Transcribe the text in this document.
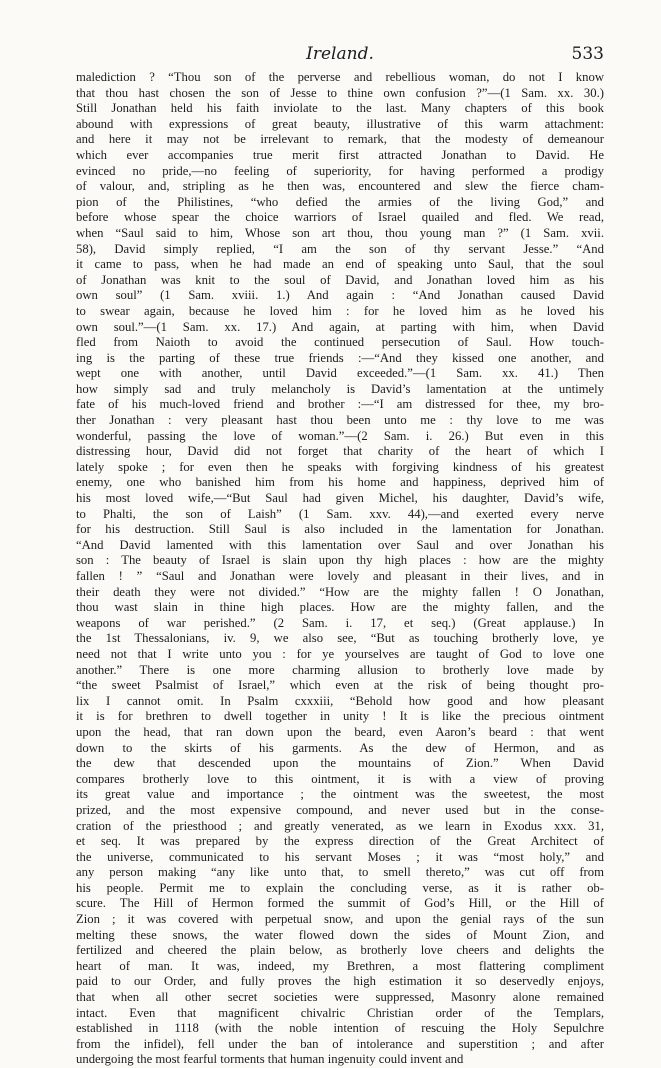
Ireland.	533
malediction ? “Thou son of the perverse and rebellious woman, do not I know
that thou hast chosen the son of Jesse to thine own confusion ?”—(1 Sam. xx. 30.)
Still Jonathan held his faith inviolate to the last. Many chapters of this book
abound with expressions of great beauty, illustrative of this warm attachment:
and here it may not be irrelevant to remark, that the modesty of demeanour
which ever accompanies true merit first attracted Jonathan to David. He
evinced no pride,—no feeling of superiority, for having performed a prodigy
of valour, and, stripling as he then was, encountered and slew the fierce cham-
pion of the Philistines, “who defied the armies of the living God,” and
before whose spear the choice warriors of Israel quailed and fled. We read,
when “Saul said to him, Whose son art thou, thou young man ?” (1 Sam. xvii.
58), David simply replied, “I am the son of thy servant Jesse.” “And
it came to pass, when he had made an end of speaking unto Saul, that the soul
of Jonathan was knit to the soul of David, and Jonathan loved him as his
own soul” (1 Sam. xviii. 1.) And again : “And Jonathan caused David
to swear again, because he loved him : for he loved him as he loved his
own soul.”—(1 Sam. xx. 17.) And again, at parting with him, when David
fled from Naioth to avoid the continued persecution of Saul. How touch-
ing is the parting of these true friends :—“And they kissed one another, and
wept one with another, until David exceeded.”—(1 Sam. xx. 41.) Then
how simply sad and truly melancholy is David’s lamentation at the untimely
fate of his much-loved friend and brother :—“I am distressed for thee, my bro-
ther Jonathan : very pleasant hast thou been unto me : thy love to me was
wonderful, passing the love of woman.”—(2 Sam. i. 26.) But even in this
distressing hour, David did not forget that charity of the heart of which I
lately spoke ; for even then he speaks with forgiving kindness of his greatest
enemy, one who banished him from his home and happiness, deprived him of
his most loved wife,—“But Saul had given Michel, his daughter, David’s wife,
to Phalti, the son of Laish” (1 Sam. xxv. 44),—and exerted every nerve
for his destruction. Still Saul is also included in the lamentation for Jonathan.
“And David lamented with this lamentation over Saul and over Jonathan his
son : The beauty of Israel is slain upon thy high places : how are the mighty
fallen ! ” “Saul and Jonathan were lovely and pleasant in their lives, and in
their death they were not divided.” “How are the mighty fallen ! O Jonathan,
thou wast slain in thine high places. How are the mighty fallen, and the
weapons of war perished.” (2 Sam. i. 17, et seq.) (Great applause.) In
the 1st Thessalonians, iv. 9, we also see, “But as touching brotherly love, ye
need not that I write unto you : for ye yourselves are taught of God to love one
another.” There is one more charming allusion to brotherly love made by
“the sweet Psalmist of Israel,” which even at the risk of being thought pro-
lix I cannot omit. In Psalm cxxxiii, “Behold how good and how pleasant
it is for brethren to dwell together in unity ! It is like the precious ointment
upon the head, that ran down upon the beard, even Aaron’s beard : that went
down to the skirts of his garments. As the dew of Hermon, and as
the dew that descended upon the mountains of Zion.” When David
compares brotherly love to this ointment, it is with a view of proving
its great value and importance ; the ointment was the sweetest, the most
prized, and the most expensive compound, and never used but in the conse-
cration of the priesthood ; and greatly venerated, as we learn in Exodus xxx. 31,
et seq. It was prepared by the express direction of the Great Architect of
the universe, communicated to his servant Moses ; it was “most holy,” and
any person making “any like unto that, to smell thereto,” was cut off from
his people. Permit me to explain the concluding verse, as it is rather ob-
scure. The Hill of Hermon formed the summit of God’s Hill, or the Hill of
Zion ; it was covered with perpetual snow, and upon the genial rays of the sun
melting these snows, the water flowed down the sides of Mount Zion, and
fertilized and cheered the plain below, as brotherly love cheers and delights the
heart of man. It was, indeed, my Brethren, a most flattering compliment
paid to our Order, and fully proves the high estimation it so deservedly enjoys,
that when all other secret societies were suppressed, Masonry alone remained
intact. Even that magnificent chivalric Christian order of the Templars,
established in 1118 (with the noble intention of rescuing the Holy Sepulchre
from the infidel), fell under the ban of intolerance and superstition ; and after
undergoing the most fearful torments that human ingenuity could invent and
